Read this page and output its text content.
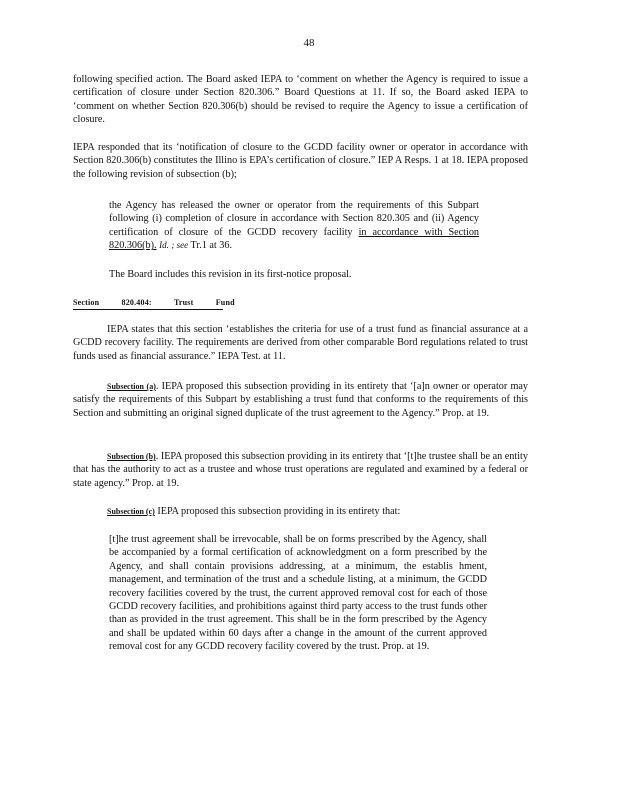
48

following specified action. The Board asked IEPA to ‘comment on whether the Agency is required to issue a certification of closure under Section 820.306.” Board Questions at 11. If so, the Board asked IEPA to ‘comment on whether Section 820.306(b) should be revised to require the Agency to issue a certification of closure.

IEPA responded that its ‘notification of closure to the GCDD facility owner or operator in accordance with Section 820.306(b) constitutes the Illino is EPA’s certification of closure.” IEP A Resps. 1 at 18. IEPA proposed the following revision of subsection (b);

the Agency has released the owner or operator from the requirements of this Subpart following (i) completion of closure in accordance with Section 820.305 and (ii) Agency certification of closure of the GCDD recovery facility in accordance with Section 820.306(b). Id. ; see Tr.1 at 36.

The Board includes this revision in its first-notice proposal.

Section	820.404:	Trust	Fund

IEPA states that this section ‘establishes the criteria for use of a trust fund as financial assurance at a GCDD recovery facility. The requirements are derived from other comparable Bord regulations related to trust funds used as financial assurance.” IEPA Test. at 11.

Subsection (a). IEPA proposed this subsection providing in its entirety that ‘[a]n owner or operator may satisfy the requirements of this Subpart by establishing a trust fund that conforms to the requirements of this Section and submitting an original signed duplicate of the trust agreement to the Agency.” Prop. at 19.

Subsection (b). IEPA proposed this subsection providing in its entirety that ‘[t]he trustee shall be an entity that has the authority to act as a trustee and whose trust operations are regulated and examined by a federal or state agency.” Prop. at 19.

Subsection (c) IEPA proposed this subsection providing in its entirety that:

[t]he trust agreement shall be irrevocable, shall be on forms prescribed by the Agency, shall be accompanied by a formal certification of acknowledgment on a form prescribed by the Agency, and shall contain provisions addressing, at a minimum, the establis hment, management, and termination of the trust and a schedule listing, at a minimum, the GCDD recovery facilities covered by the trust, the current approved removal cost for each of those GCDD recovery facilities, and prohibitions against third party access to the trust funds other than as provided in the trust agreement. This shall be in the form prescribed by the Agency and shall be updated within 60 days after a change in the amount of the current approved removal cost for any GCDD recovery facility covered by the trust. Prop. at 19.
